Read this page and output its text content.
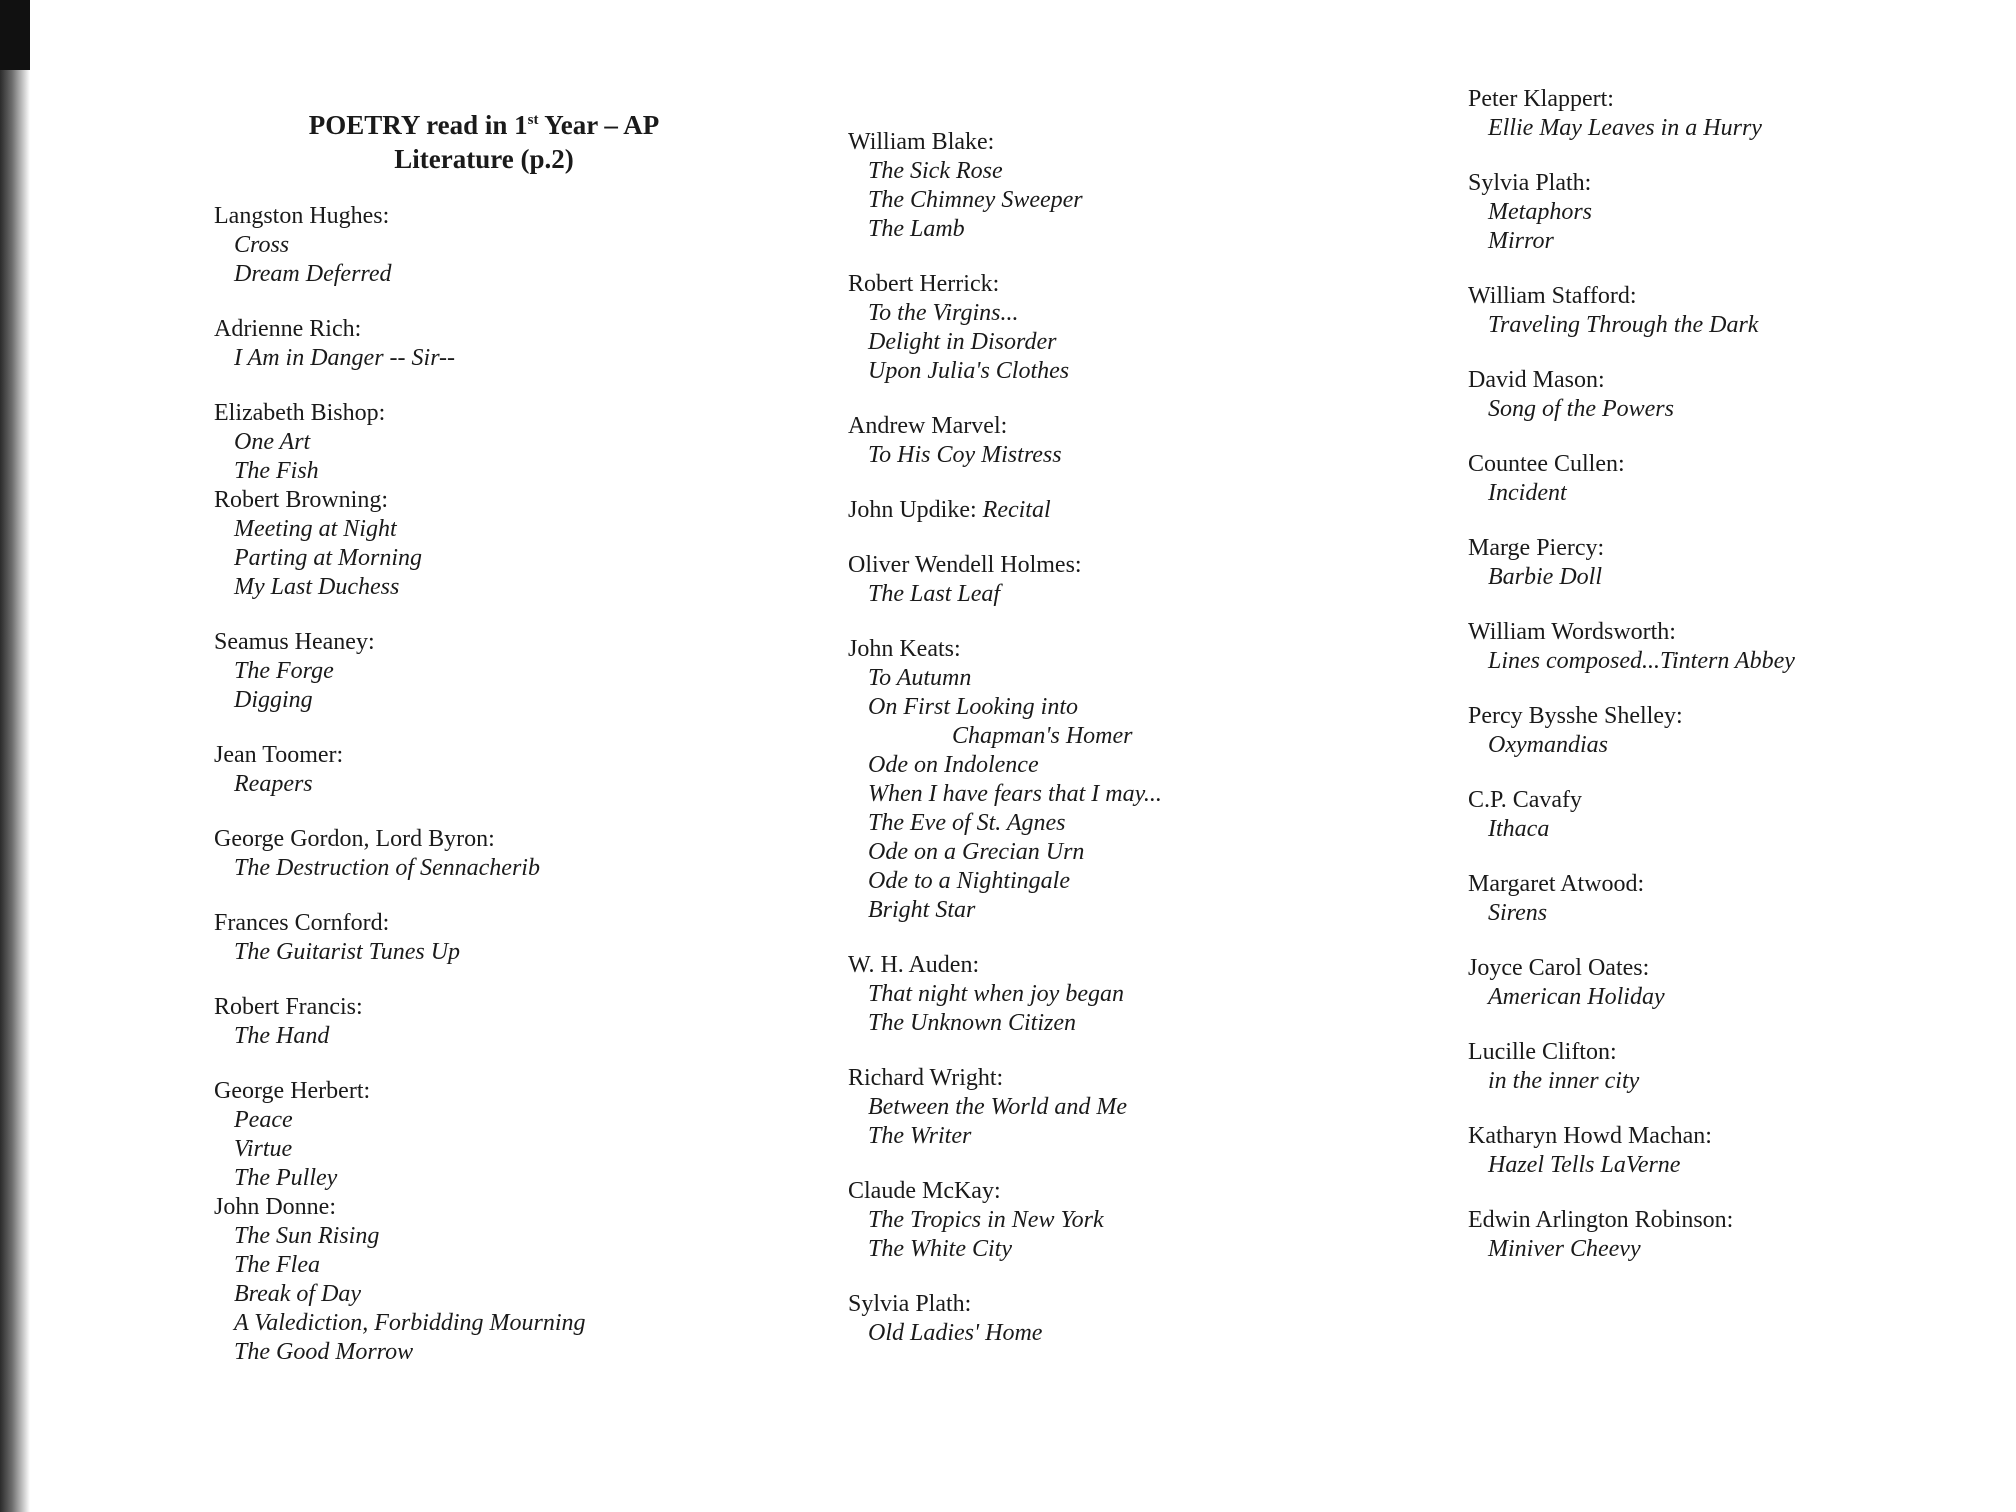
POETRY read in 1st Year – AP
Literature (p.2)
Langston Hughes:
Cross
Dream Deferred
Adrienne Rich:
I Am in Danger -- Sir--
Elizabeth Bishop:
One Art
The Fish
Robert Browning:
Meeting at Night
Parting at Morning
My Last Duchess
Seamus Heaney:
The Forge
Digging
Jean Toomer:
Reapers
George Gordon, Lord Byron:
The Destruction of Sennacherib
Frances Cornford:
The Guitarist Tunes Up
Robert Francis:
The Hand
George Herbert:
Peace
Virtue
The Pulley
John Donne:
The Sun Rising
The Flea
Break of Day
A Valediction, Forbidding Mourning
The Good Morrow
William Blake:
The Sick Rose
The Chimney Sweeper
The Lamb
Robert Herrick:
To the Virgins...
Delight in Disorder
Upon Julia's Clothes
Andrew Marvel:
To His Coy Mistress
John Updike: Recital
Oliver Wendell Holmes:
The Last Leaf
John Keats:
To Autumn
On First Looking into
Chapman's Homer
Ode on Indolence
When I have fears that I may...
The Eve of St. Agnes
Ode on a Grecian Urn
Ode to a Nightingale
Bright Star
W. H. Auden:
That night when joy began
The Unknown Citizen
Richard Wright:
Between the World and Me
The Writer
Claude McKay:
The Tropics in New York
The White City
Sylvia Plath:
Old Ladies' Home
Peter Klappert:
Ellie May Leaves in a Hurry
Sylvia Plath:
Metaphors
Mirror
William Stafford:
Traveling Through the Dark
David Mason:
Song of the Powers
Countee Cullen:
Incident
Marge Piercy:
Barbie Doll
William Wordsworth:
Lines composed...Tintern Abbey
Percy Bysshe Shelley:
Oxymandias
C.P. Cavafy
Ithaca
Margaret Atwood:
Sirens
Joyce Carol Oates:
American Holiday
Lucille Clifton:
in the inner city
Katharyn Howd Machan:
Hazel Tells LaVerne
Edwin Arlington Robinson:
Miniver Cheevy
